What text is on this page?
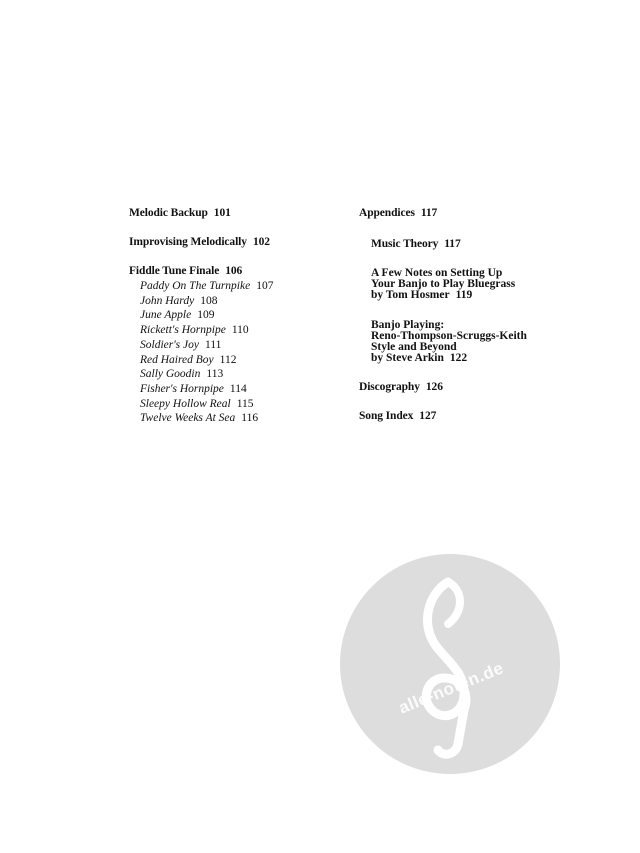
Melodic Backup 101

Improvising Melodically 102

Fiddle Tune Finale 106

Paddy On The Turnpike 107

John Hardy 108

June Apple 109

Rickett's Hornpipe 110

Soldier's Joy 111

Red Haired Boy 112

Sally Goodin 113

Fisher's Hornpipe 114

Sleepy Hollow Real 115

Twelve Weeks At Sea 116

Appendices 117

Music Theory 117

A Few Notes on Setting Up

Your Banjo to Play Bluegrass

by Tom Hosmer 119

Banjo Playing:

Reno-Thompson-Scruggs-Keith

Style and Beyond

by Steve Arkin 122

Discography 126

Song Index 127

alle-noten.de
